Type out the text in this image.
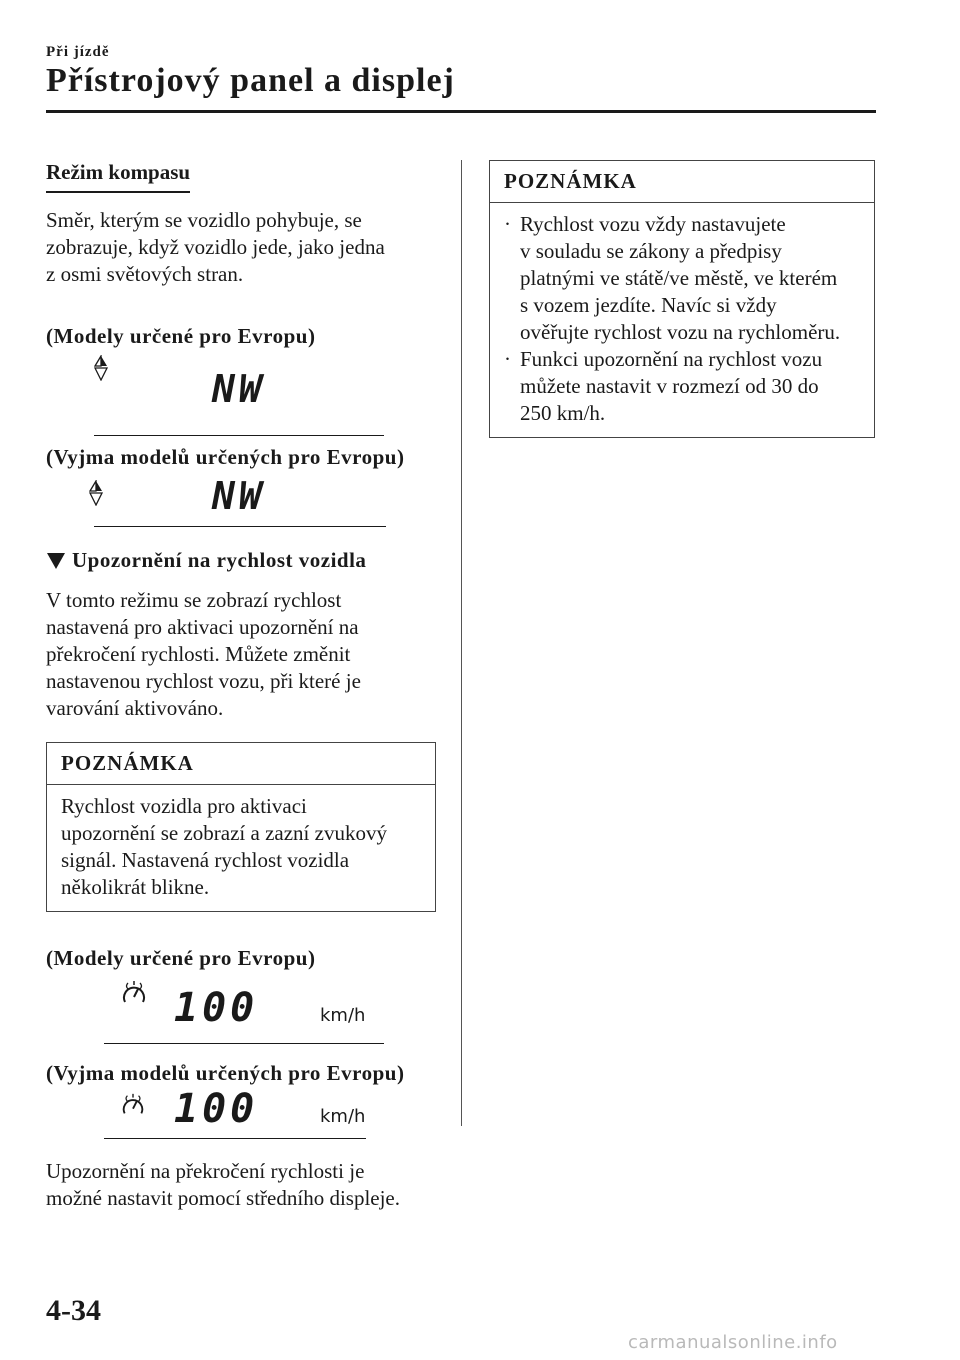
Při jízdě
Přístrojový panel a displej
Režim kompasu

Směr, kterým se vozidlo pohybuje, se

zobrazuje, když vozidlo jede, jako jedna

z osmi světových stran.

(Modely určené pro Evropu)

NW

(Vyjma modelů určených pro Evropu)

NW
Upozornění na rychlost vozidla

V tomto režimu se zobrazí rychlost

nastavená pro aktivaci upozornění na

překročení rychlosti. Můžete změnit

nastavenou rychlost vozu, při které je

varování aktivováno.

POZNÁMKA

Rychlost vozidla pro aktivaci

upozornění se zobrazí a zazní zvukový

signál. Nastavená rychlost vozidla

několikrát blikne.

(Modely určené pro Evropu)

100	km/h

(Vyjma modelů určených pro Evropu)

100	km/h

Upozornění na překročení rychlosti je

možné nastavit pomocí středního displeje.

POZNÁMKA
· Rychlost vozu vždy nastavujete
v souladu se zákony a předpisy
platnými ve státě/ve městě, ve kterém
s vozem jezdíte. Navíc si vždy
ověřujte rychlost vozu na rychloměru.
· Funkci upozornění na rychlost vozu
můžete nastavit v rozmezí od 30 do
250 km/h.
4-34
carmanualsonline.info
